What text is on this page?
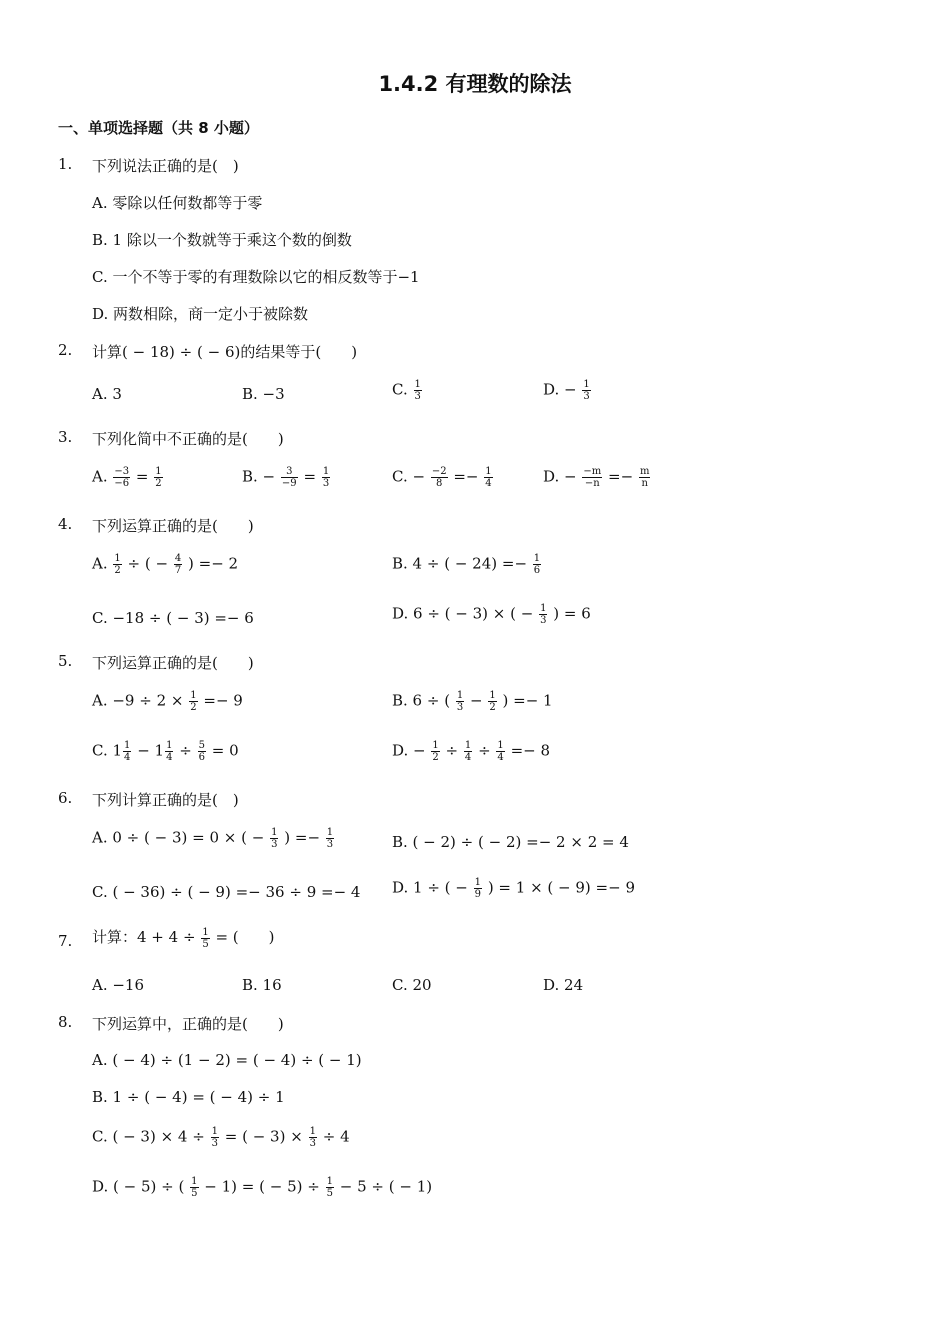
1.4.2 有理数的除法
一、单项选择题（共 8 小题）
1. 下列说法正确的是(　)
A. 零除以任何数都等于零
B. 1 除以一个数就等于乘这个数的倒数
C. 一个不等于零的有理数除以它的相反数等于−1
D. 两数相除，商一定小于被除数
2. 计算( − 18) ÷ ( − 6)的结果等于(　　)
A. 3	B. −3	C. $\frac{1}{3}$	D. − $\frac{1}{3}$
3. 下列化简中不正确的是(　　)
A. $\frac{-3}{-6} = \frac{1}{2}$	B. − $\frac{3}{-9} = \frac{1}{3}$	C. − $\frac{-2}{8} =- \frac{1}{4}$	D. − $\frac{-m}{-n} =- \frac{m}{n}$
4. 下列运算正确的是(　　)
A. $\frac{1}{2}$ ÷ ( − $\frac{4}{7}$ ) =− 2	B. 4 ÷ ( − $24) =- \frac{1}{6}$
C. −18 ÷ ( − 3) =− 6	D. 6 ÷ ( − 3) × ( − $\frac{1}{3}$ ) = 6
5. 下列运算正确的是(　　)
A. $-9 \div 2 \times \frac{1}{2} =- 9$	B. 6 ÷ ( $\frac{1}{3} - \frac{1}{2}$ ) =− 1
C. $1 \frac{1}{4} - 1 \frac{1}{4} \div \frac{5}{6} = 0$	D. − $\frac{1}{2} \div \frac{1}{4} \div \frac{1}{4} =- 8$
6. 下列计算正确的是(　)
A. 0 ÷ ( − 3) = 0 × ( − $\frac{1}{3}$ ) =− $\frac{1}{3}$	B. ( − 2) ÷ ( − 2) =− 2 × 2 = 4
C. ( − 36) ÷ ( − 9) =− 36 ÷ 9 =− 4 D. 1 ÷ ( − $\frac{1}{9}$ ) = 1 × ( − 9) =− 9
7. 计算：$4 + 4 \div \frac{1}{5}$ = (　　)
A. −16	B. 16	C. 20	D. 24
8. 下列运算中，正确的是(　　)
A. ( − 4) ÷ (1 − 2) = ( − 4) ÷ ( − 1)
B. 1 ÷ ( − 4) = ( − 4) ÷ 1
C. ( − $3) \times 4 \div \frac{1}{3}$ = ( − $3) \times \frac{1}{3} \div 4$
D. ( − 5) ÷ ( $\frac{1}{5} - 1$) = ( − $5) \div \frac{1}{5} - 5$ ÷ ( − 1)
